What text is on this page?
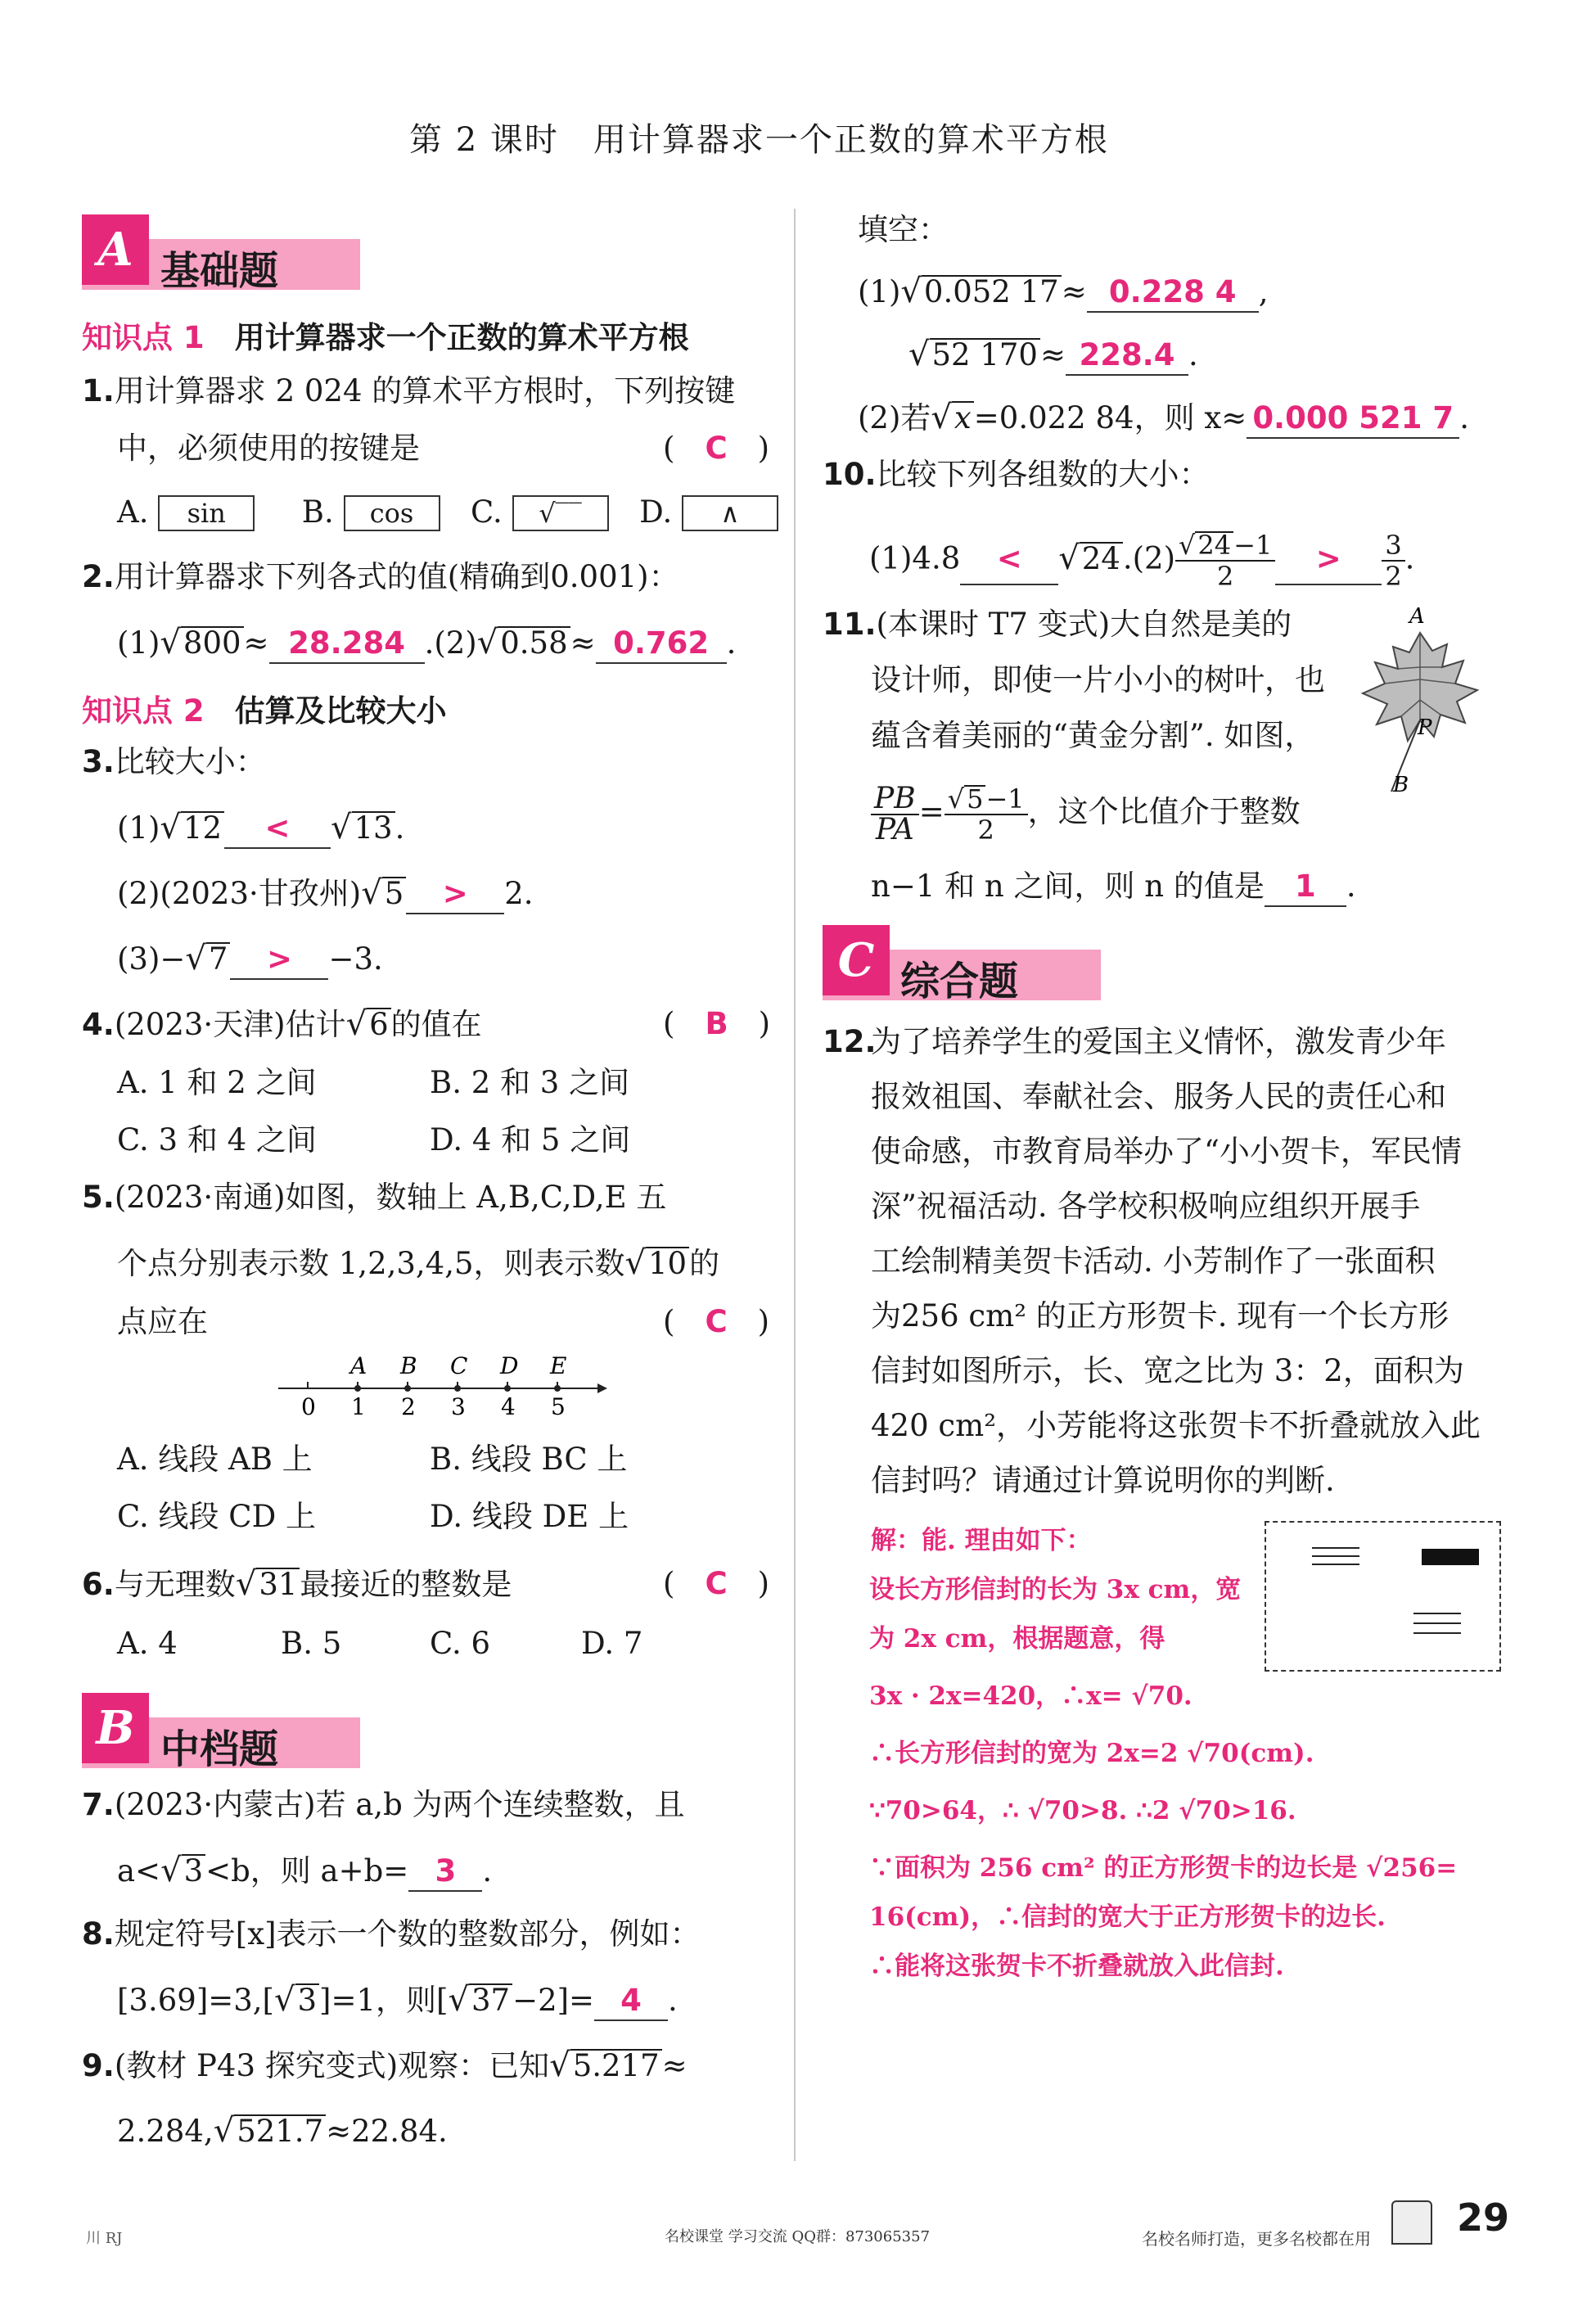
第 2 课时　用计算器求一个正数的算术平方根
A 基础题
知识点 1　 用计算器求一个正数的算术平方根
1.用计算器求 2 024 的算术平方根时，下列按键
中，必须使用的按键是	(　C　)
A. sin	B. cos C. √‾‾ D. ∧
2.用计算器求下列各式的值(精确到0.001)：
(1)√800≈ 28.284 .(2)√0.58≈ 0.762 .
知识点 2　 估算及比较大小
3.比较大小：
(1)√12 < √13.
(2)(2023·甘孜州)√5 > 2.
(3)−√7 > −3.
4.(2023·天津)估计√6的值在	(　B　)
A. 1 和 2 之间	B. 2 和 3 之间
C. 3 和 4 之间	D. 4 和 5 之间
5.(2023·南通)如图，数轴上 A,B,C,D,E 五
个点分别表示数 1,2,3,4,5，则表示数√10的
点应在	(　C　)
0 1
A
2
B
3
C
4
D
5
E
A. 线段 AB 上	B. 线段 BC 上
C. 线段 CD 上	D. 线段 DE 上
6.与无理数√31最接近的整数是	(　C　)
A. 4	B. 5	C. 6	D. 7
B 中档题
7.(2023·内蒙古)若 a,b 为两个连续整数，且
a<√3<b，则 a+b= 3 .
8.规定符号[x]表示一个数的整数部分，例如：
[3.69]=3,[√3]=1，则[√37−2]= 4 .
9.(教材 P43 探究变式)观察：已知√5.217≈
2.284,√521.7≈22.84.
填空：
(1)√0.052 17≈ 0.228 4 ,
√52 170≈ 228.4 .
(2)若√x=0.022 84，则 x≈ 0.000 521 7 .
10.比较下列各组数的大小：
$(1)4.8 < √24.(2) \frac{√24-1}{2} > \frac{3}{2}$ .
11.(本课时 T7 变式)大自然是美的
设计师，即使一片小小的树叶，也
蕴含着美丽的“黄金分割”. 如图，
$\frac{PB}{PA} = \frac{√5-1}{2}$ ，这个比值介于整数
n−1 和 n 之间，则 n 的值是 1 .
A
P
B
C 综合题
12.
为了培养学生的爱国主义情怀，激发青少年
报效祖国、奉献社会、服务人民的责任心和
使命感，市教育局举办了“小小贺卡，军民情
深”祝福活动. 各学校积极响应组织开展手
工绘制精美贺卡活动. 小芳制作了一张面积
为256 cm² 的正方形贺卡. 现有一个长方形
信封如图所示，长、宽之比为 3：2，面积为
420 cm²，小芳能将这张贺卡不折叠就放入此
信封吗？请通过计算说明你的判断.
解：能. 理由如下：
设长方形信封的长为 3x cm，宽
为 2x cm，根据题意，得
3x · 2x=420，∴x= √70.
∴长方形信封的宽为 2x=2 √70(cm).
∵70>64，∴ √70>8. ∴2 √70>16.
∵面积为 256 cm² 的正方形贺卡的边长是 √256=
16(cm)，∴信封的宽大于正方形贺卡的边长.
∴能将这张贺卡不折叠就放入此信封.
川 RJ	名校课堂 学习交流 QQ群：873065357	名校名师打造，更多名校都在用 29
